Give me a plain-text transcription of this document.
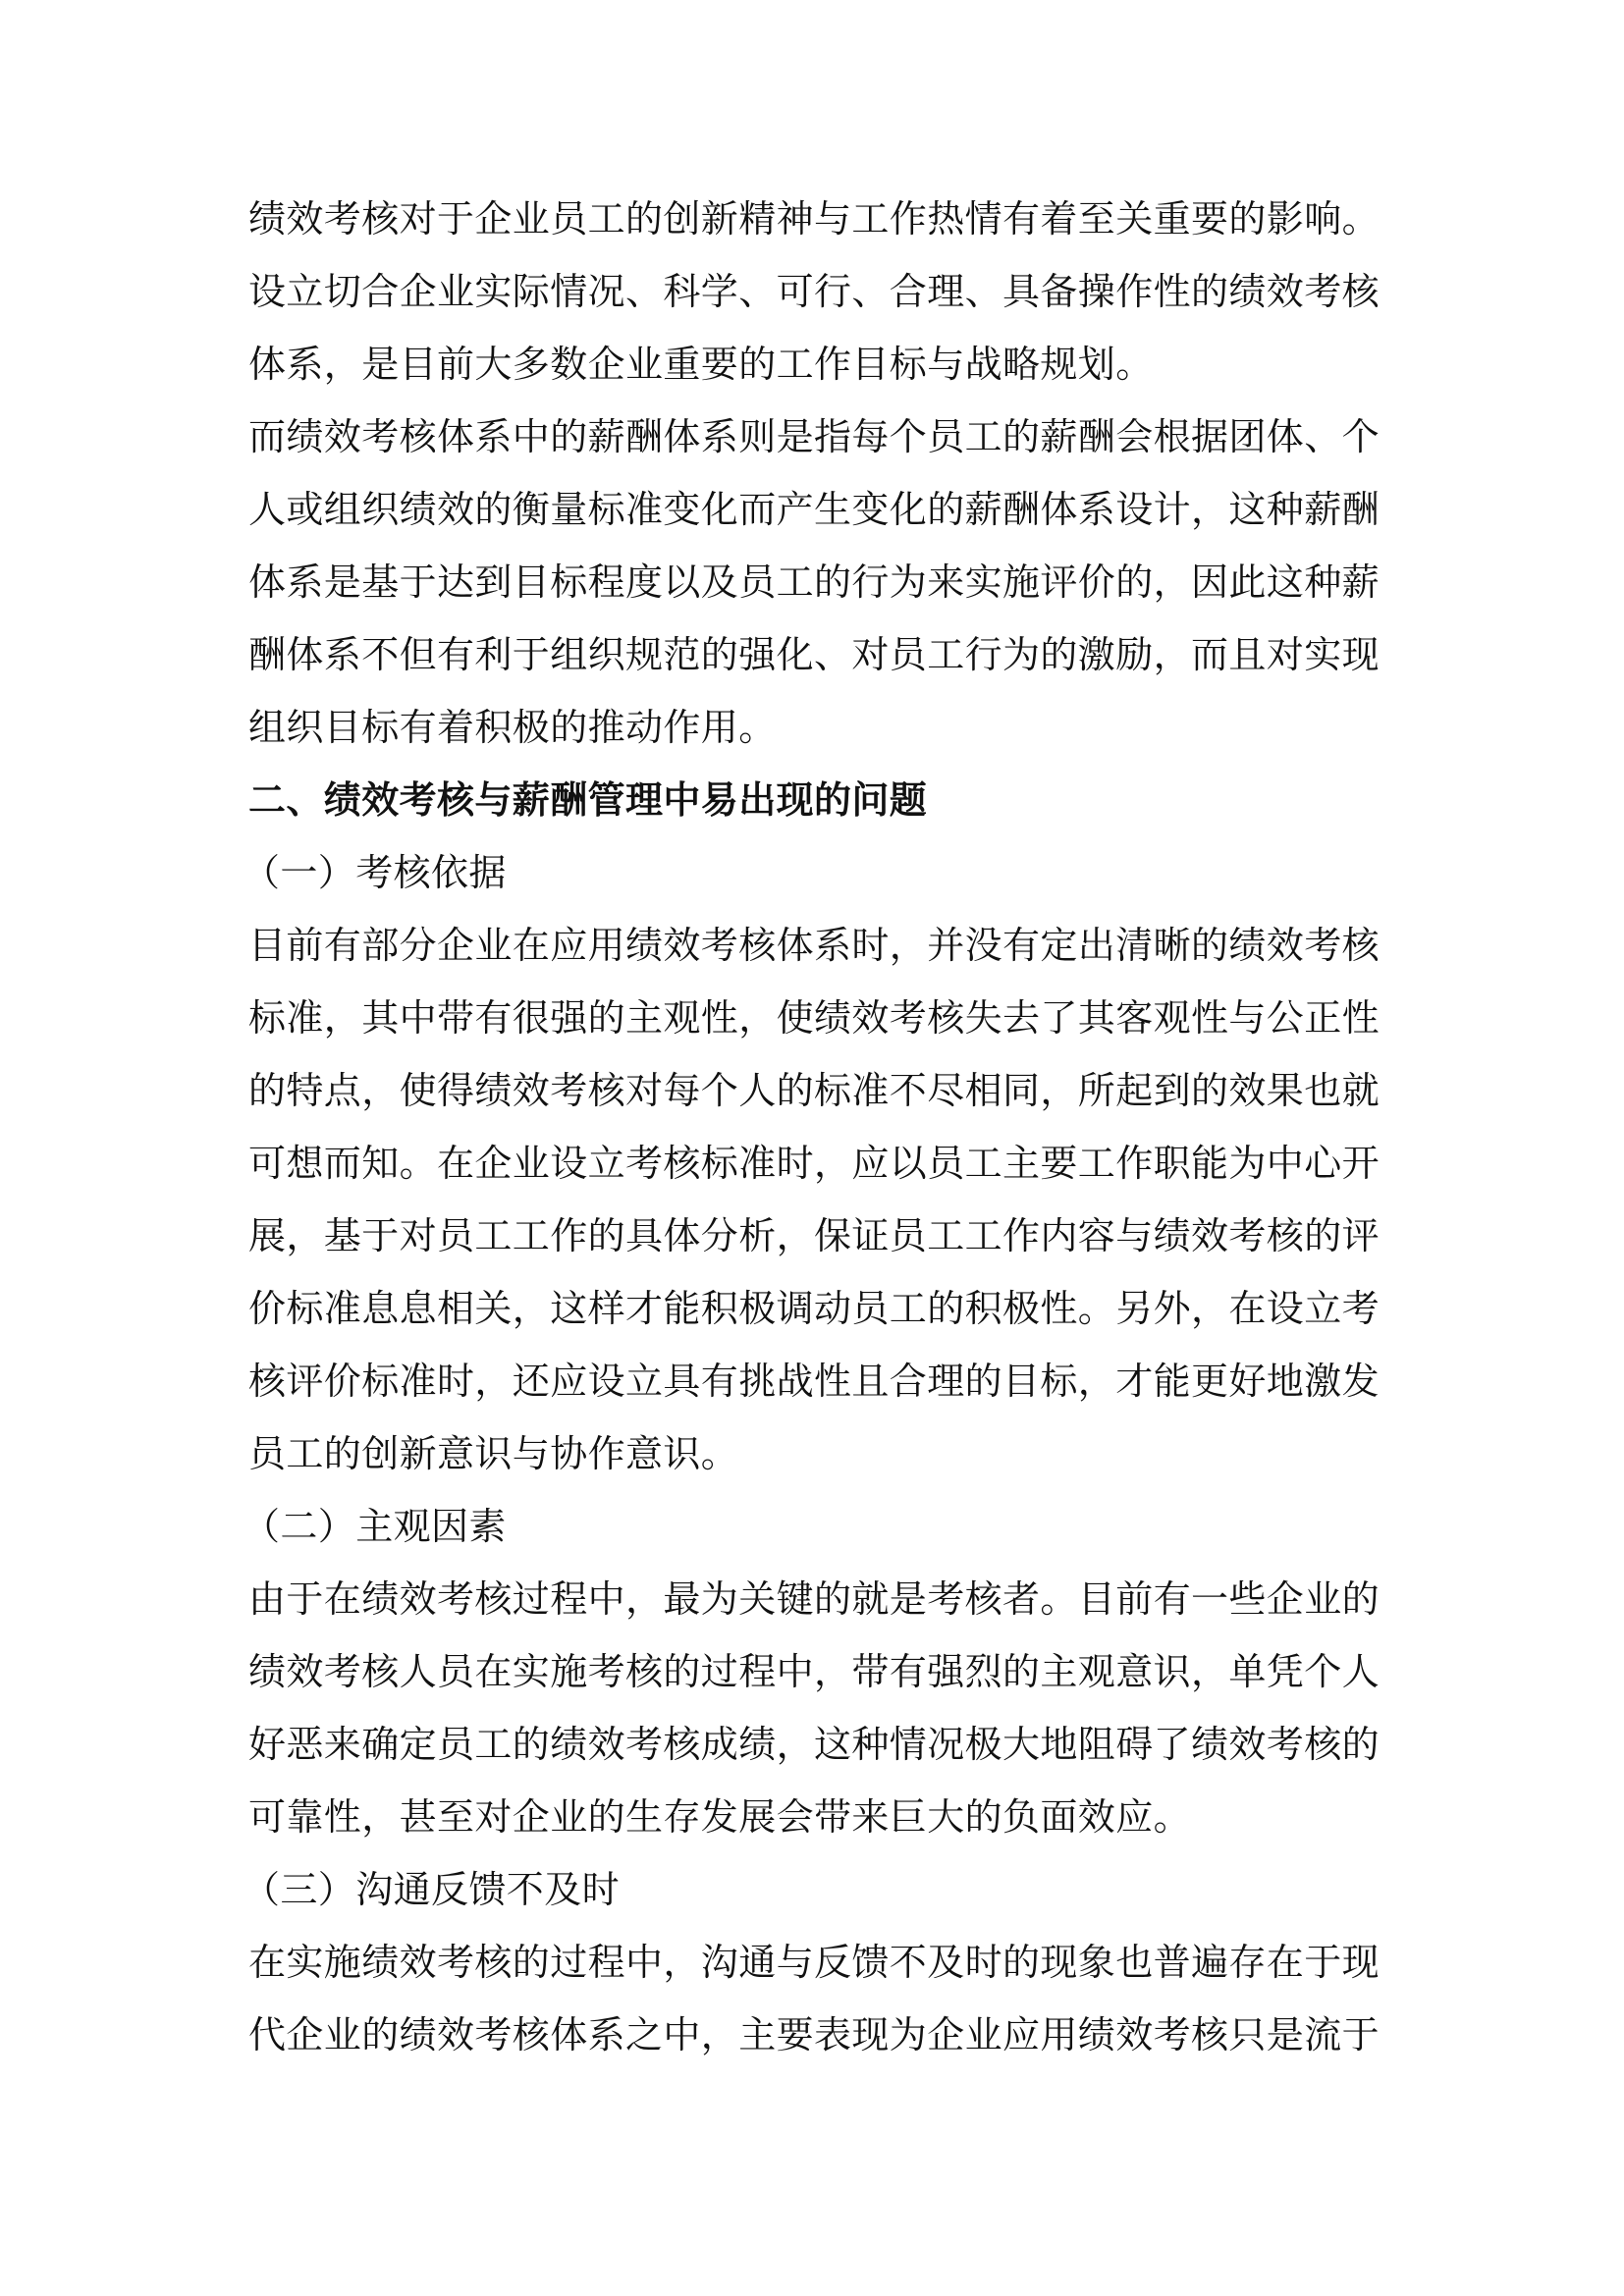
绩效考核对于企业员工的创新精神与工作热情有着至关重要的影响。
设立切合企业实际情况、科学、可行、合理、具备操作性的绩效考核
体系，是目前大多数企业重要的工作目标与战略规划。
而绩效考核体系中的薪酬体系则是指每个员工的薪酬会根据团体、个
人或组织绩效的衡量标准变化而产生变化的薪酬体系设计，这种薪酬
体系是基于达到目标程度以及员工的行为来实施评价的，因此这种薪
酬体系不但有利于组织规范的强化、对员工行为的激励，而且对实现
组织目标有着积极的推动作用。
二、绩效考核与薪酬管理中易出现的问题
（一）考核依据
目前有部分企业在应用绩效考核体系时，并没有定出清晰的绩效考核
标准，其中带有很强的主观性，使绩效考核失去了其客观性与公正性
的特点，使得绩效考核对每个人的标准不尽相同，所起到的效果也就
可想而知。在企业设立考核标准时，应以员工主要工作职能为中心开
展，基于对员工工作的具体分析，保证员工工作内容与绩效考核的评
价标准息息相关，这样才能积极调动员工的积极性。另外，在设立考
核评价标准时，还应设立具有挑战性且合理的目标，才能更好地激发
员工的创新意识与协作意识。
（二）主观因素
由于在绩效考核过程中，最为关键的就是考核者。目前有一些企业的
绩效考核人员在实施考核的过程中，带有强烈的主观意识，单凭个人
好恶来确定员工的绩效考核成绩，这种情况极大地阻碍了绩效考核的
可靠性，甚至对企业的生存发展会带来巨大的负面效应。
（三）沟通反馈不及时
在实施绩效考核的过程中，沟通与反馈不及时的现象也普遍存在于现
代企业的绩效考核体系之中，主要表现为企业应用绩效考核只是流于
